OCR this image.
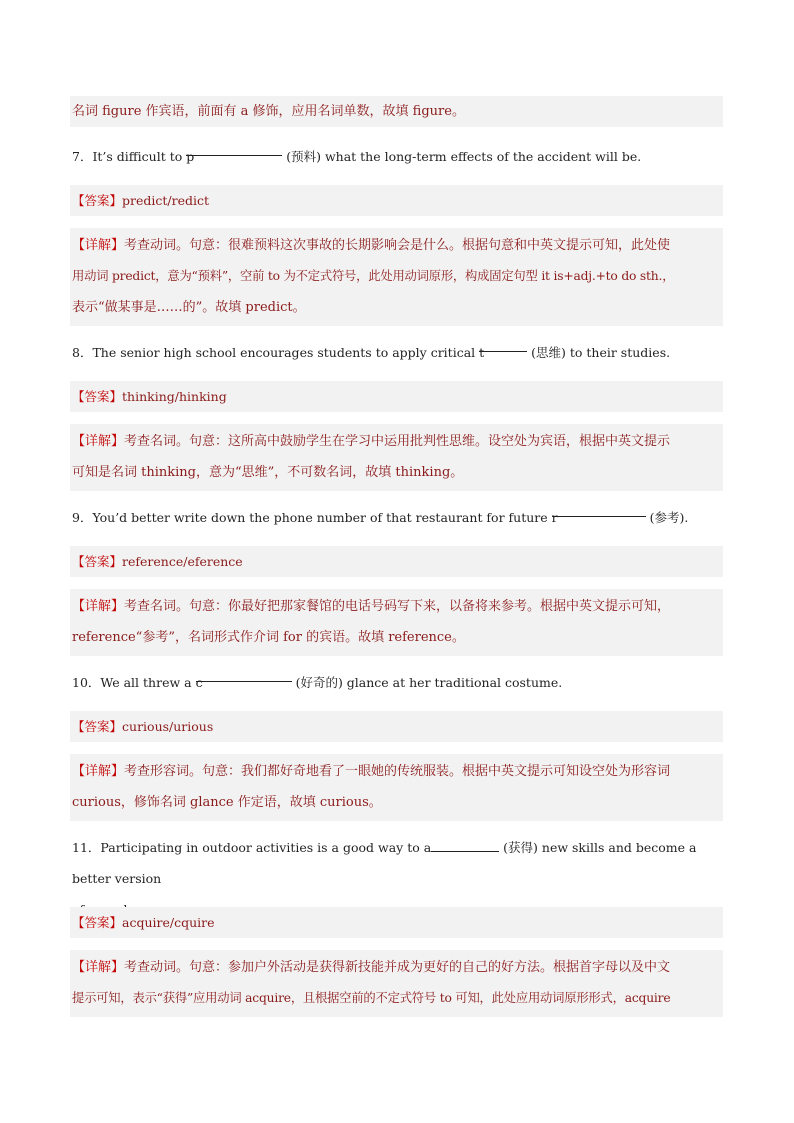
名词 figure 作宾语，前面有 a 修饰，应用名词单数，故填 figure。
7．It’s difficult to p	(预料) what the long-term effects of the accident will be.
【答案】predict/redict
【详解】考查动词。句意：很难预料这次事故的长期影响会是什么。根据句意和中英文提示可知，此处使
用动词 predict，意为“预料”，空前 to 为不定式符号，此处用动词原形，构成固定句型 it is+adj.+to do sth.，
表示“做某事是……的”。故填 predict。
8．The senior high school encourages students to apply critical t	(思维) to their studies.
【答案】thinking/hinking
【详解】考查名词。句意：这所高中鼓励学生在学习中运用批判性思维。设空处为宾语，根据中英文提示
可知是名词 thinking，意为“思维”，不可数名词，故填 thinking。
9．You’d better write down the phone number of that restaurant for future r	(参考).
【答案】reference/eference
【详解】考查名词。句意：你最好把那家餐馆的电话号码写下来，以备将来参考。根据中英文提示可知，
reference“参考”，名词形式作介词 for 的宾语。故填 reference。
10．We all threw a c	(好奇的) glance at her traditional costume.
【答案】curious/urious
【详解】考查形容词。句意：我们都好奇地看了一眼她的传统服装。根据中英文提示可知设空处为形容词
curious，修饰名词 glance 作定语，故填 curious。
11．Participating in outdoor activities is a good way to a	(获得) new skills and become a better version
【答案】acquire/cquire
【详解】考查动词。句意：参加户外活动是获得新技能并成为更好的自己的好方法。根据首字母以及中文
提示可知，表示“获得”应用动词 acquire，且根据空前的不定式符号 to 可知，此处应用动词原形形式，acquire
